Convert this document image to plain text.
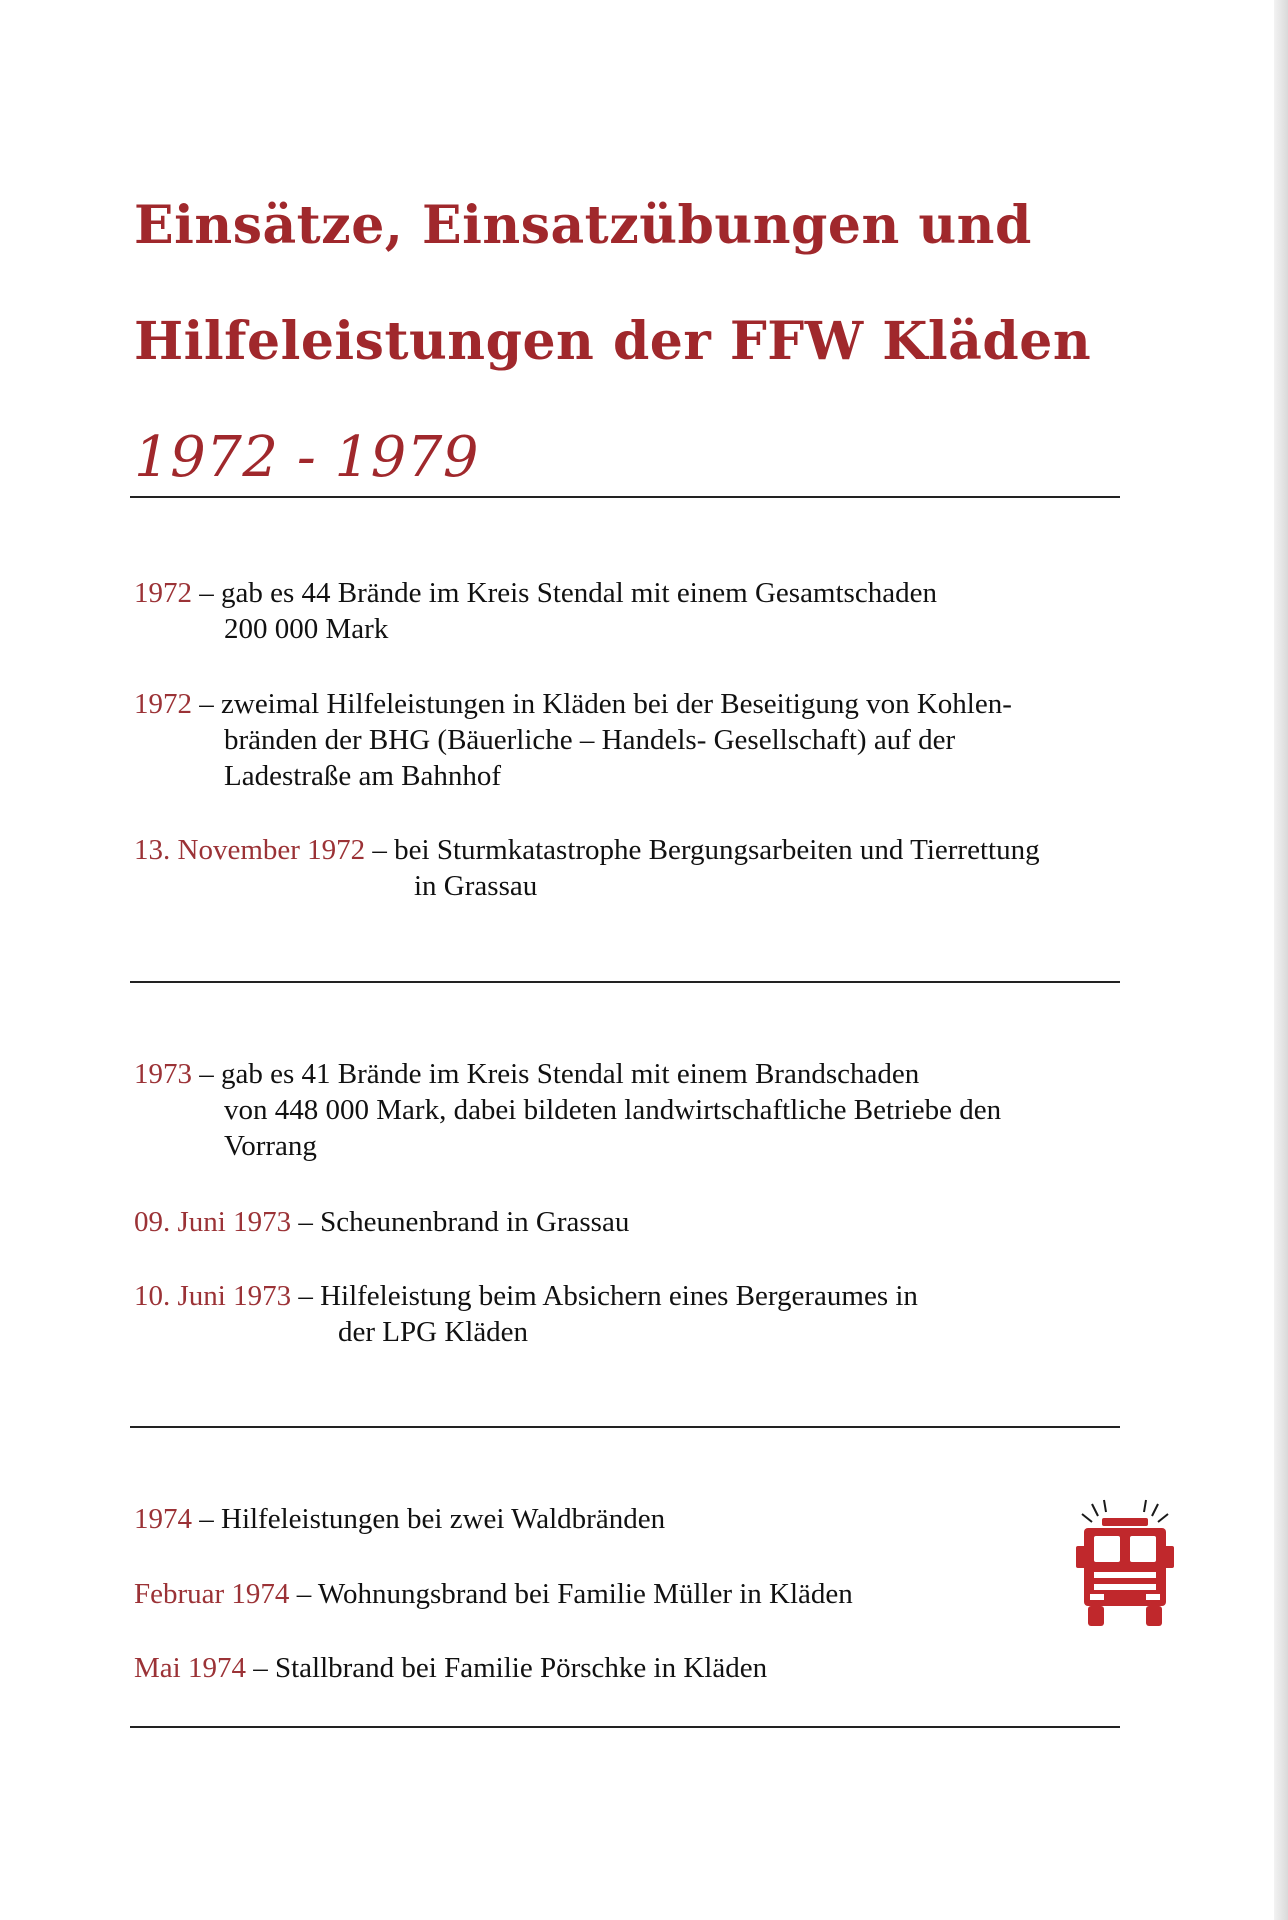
Einsätze, Einsatzübungen und
Hilfeleistungen der FFW Kläden
1972 - 1979
1972 – gab es 44 Brände im Kreis Stendal mit einem Gesamtschaden
200 000 Mark
1972 – zweimal Hilfeleistungen in Kläden bei der Beseitigung von Kohlen-
bränden der BHG (Bäuerliche – Handels- Gesellschaft) auf der
Ladestraße am Bahnhof
13. November 1972 – bei Sturmkatastrophe Bergungsarbeiten und Tierrettung
in Grassau
1973 – gab es 41 Brände im Kreis Stendal mit einem Brandschaden
von 448 000 Mark, dabei bildeten landwirtschaftliche Betriebe den
Vorrang
09. Juni 1973 – Scheunenbrand in Grassau
10. Juni 1973 – Hilfeleistung beim Absichern eines Bergeraumes in
der LPG Kläden
1974 – Hilfeleistungen bei zwei Waldbränden
Februar 1974 – Wohnungsbrand bei Familie Müller in Kläden
Mai 1974 – Stallbrand bei Familie Pörschke in Kläden
